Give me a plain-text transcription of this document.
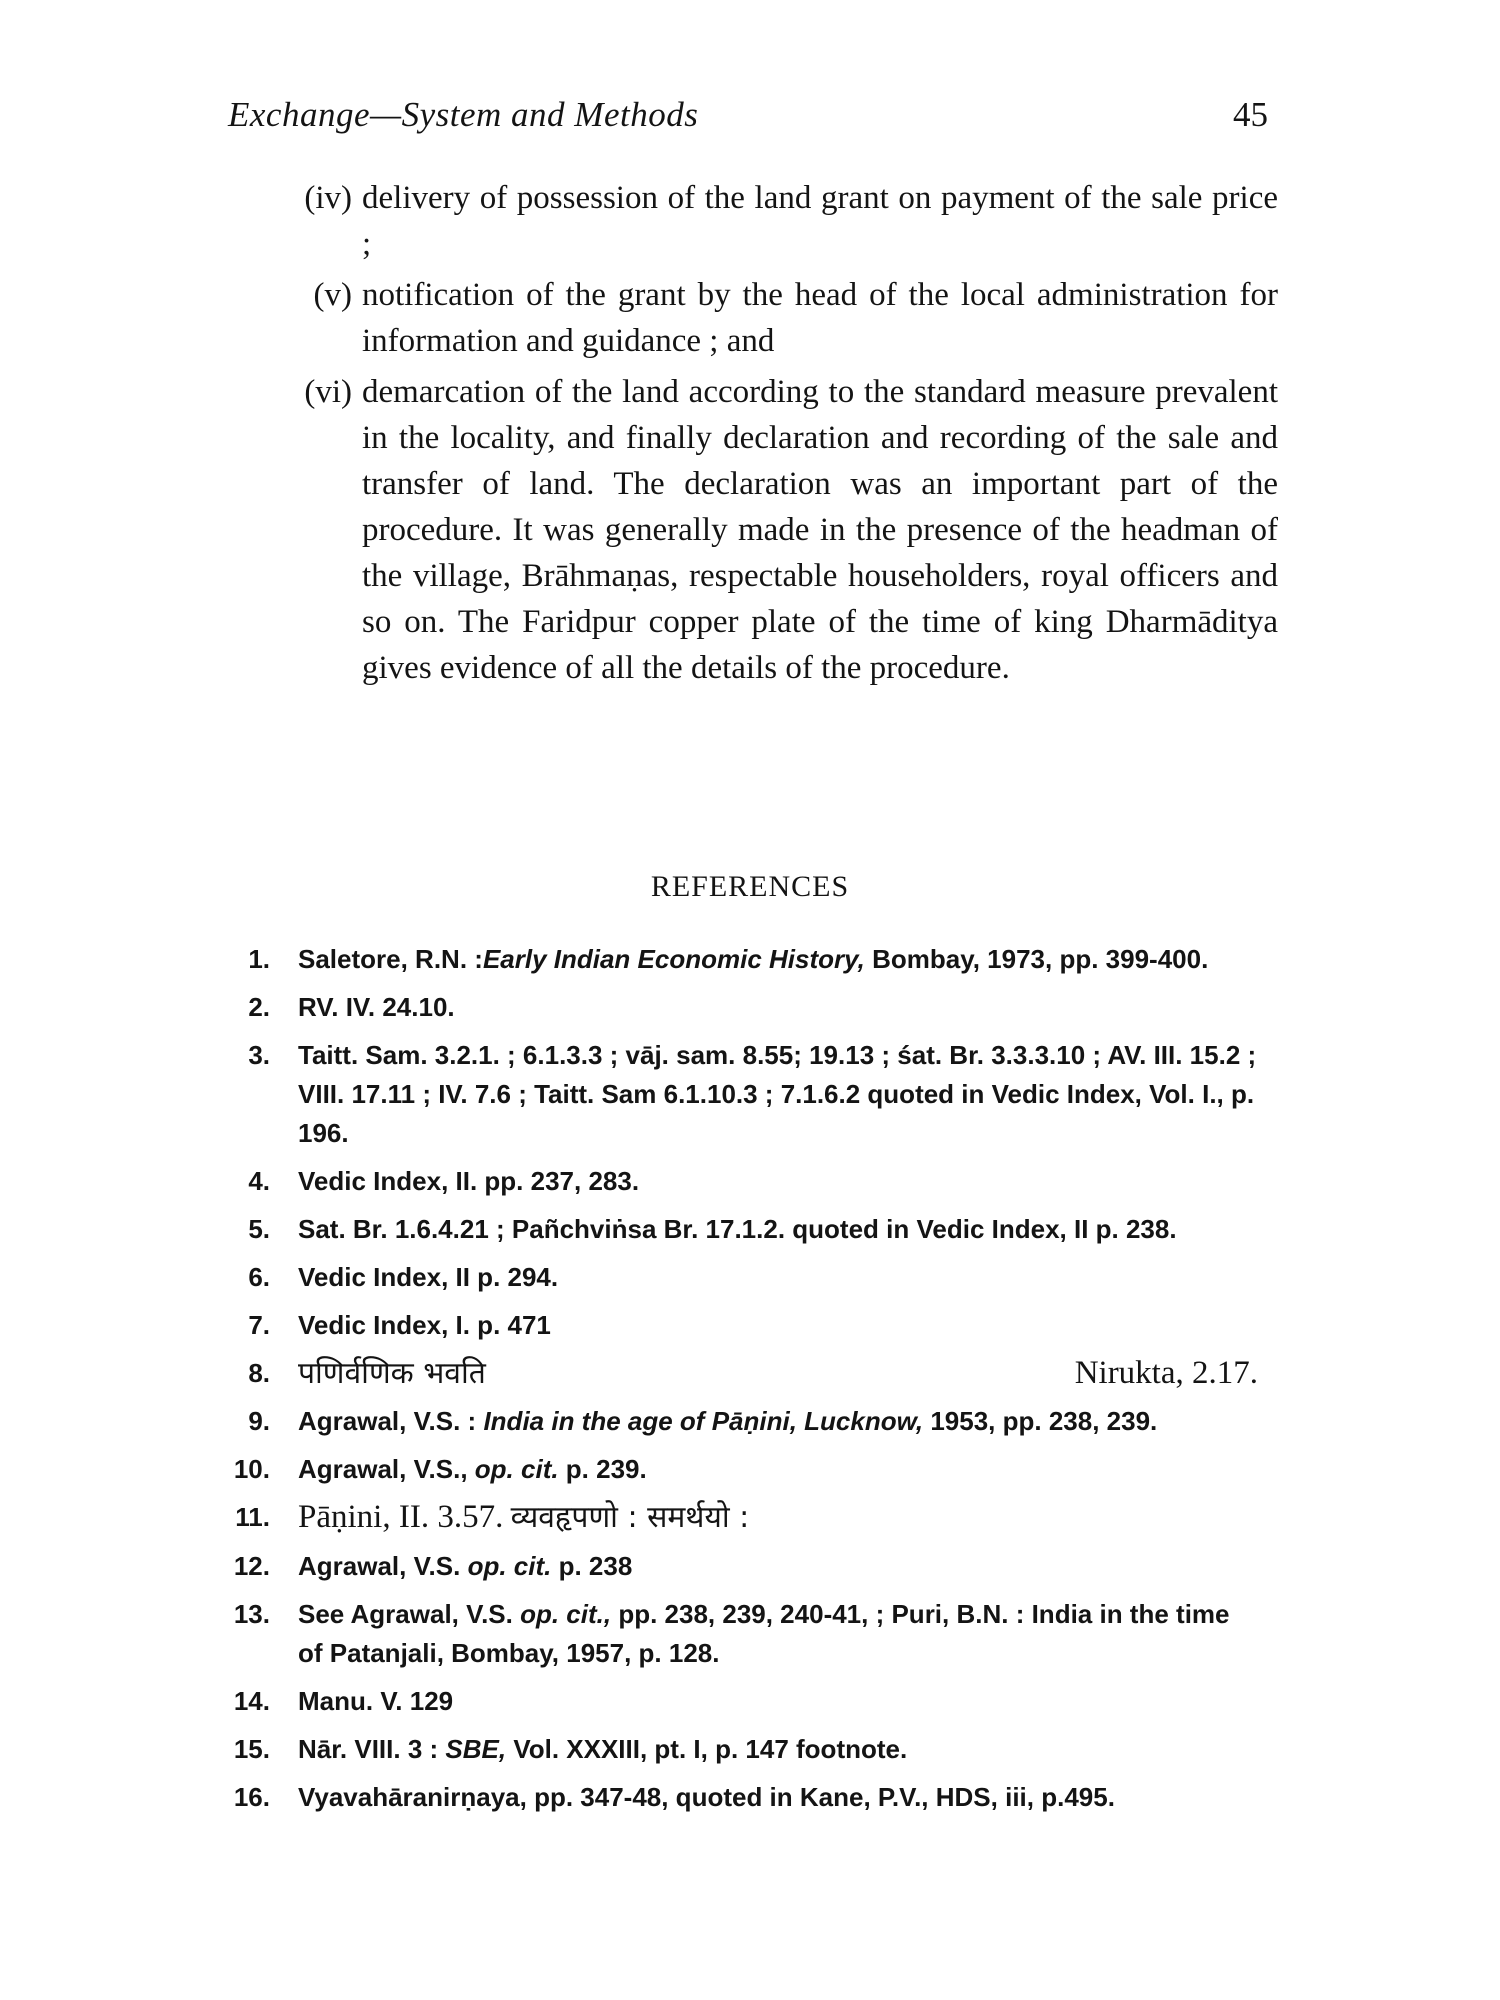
Exchange—System and Methods	45
(iv) delivery of possession of the land grant on payment of the sale price ;
(v) notification of the grant by the head of the local administration for information and guidance ; and
(vi) demarcation of the land according to the standard measure prevalent in the locality, and finally declaration and recording of the sale and transfer of land. The declaration was an important part of the procedure. It was generally made in the presence of the headman of the village, Brāhmaṇas, respectable householders, royal officers and so on. The Faridpur copper plate of the time of king Dharmāditya gives evidence of all the details of the procedure.
REFERENCES
1. Saletore, R.N. :Early Indian Economic History, Bombay, 1973, pp. 399-400.
2. RV. IV. 24.10.
3. Taitt. Sam. 3.2.1. ; 6.1.3.3 ; vāj. sam. 8.55; 19.13 ; śat. Br. 3.3.3.10 ; AV. III. 15.2 ; VIII. 17.11 ; IV. 7.6 ; Taitt. Sam 6.1.10.3 ; 7.1.6.2 quoted in Vedic Index, Vol. I., p. 196.
4. Vedic Index, II. pp. 237, 283.
5. Sat. Br. 1.6.4.21 ; Pañchviṅsa Br. 17.1.2. quoted in Vedic Index, II p. 238.
6. Vedic Index, II p. 294.
7. Vedic Index, I. p. 471
8. पणिर्वणिक भवति	Nirukta, 2.17.
9. Agrawal, V.S. : India in the age of Pāṇini, Lucknow, 1953, pp. 238, 239.
10. Agrawal, V.S., op. cit. p. 239.
11. Pāṇini, II. 3.57. व्यवहृपणो : समर्थयो :
12. Agrawal, V.S. op. cit. p. 238
13. See Agrawal, V.S. op. cit., pp. 238, 239, 240-41, ; Puri, B.N. : India in the time of Patanjali, Bombay, 1957, p. 128.
14. Manu. V. 129
15. Nār. VIII. 3 : SBE, Vol. XXXIII, pt. I, p. 147 footnote.
16. Vyavahāranirṇaya, pp. 347-48, quoted in Kane, P.V., HDS, iii, p.495.
